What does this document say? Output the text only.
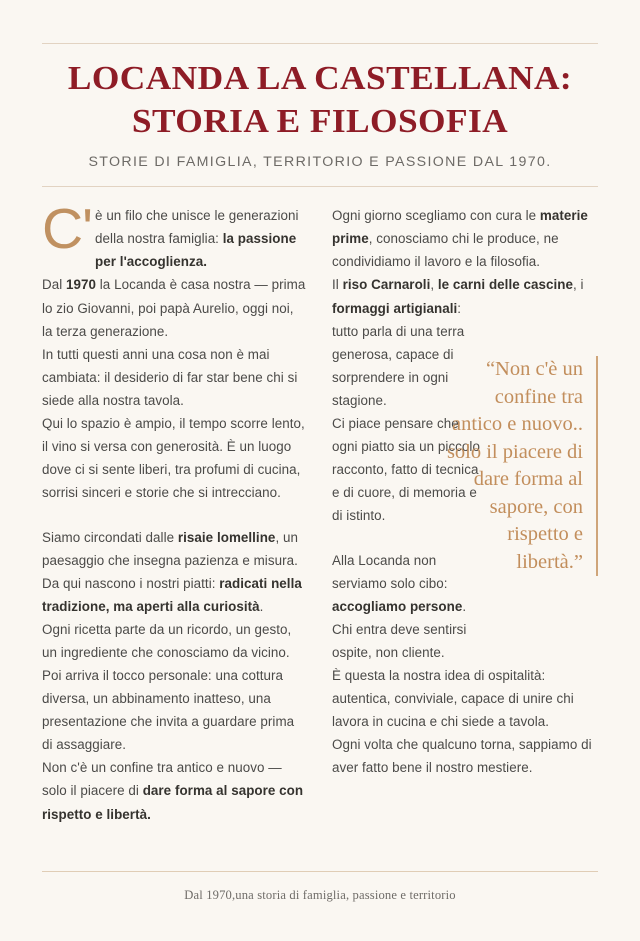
LOCANDA LA CASTELLANA:
STORIA E FILOSOFIA
STORIE DI FAMIGLIA, TERRITORIO E PASSIONE DAL 1970.

C' è un filo che unisce le generazioni della nostra famiglia: la passione per l'accoglienza.

Dal 1970 la Locanda è casa nostra — prima lo zio Giovanni, poi papà Aurelio, oggi noi, la terza generazione.

In tutti questi anni una cosa non è mai cambiata: il desiderio di far star bene chi si siede alla nostra tavola.

Qui lo spazio è ampio, il tempo scorre lento, il vino si versa con generosità. È un luogo dove ci si sente liberi, tra profumi di cucina, sorrisi sinceri e storie che si intrecciano.

Siamo circondati dalle risaie lomelline, un paesaggio che insegna pazienza e misura.

Da qui nascono i nostri piatti: radicati nella tradizione, ma aperti alla curiosità.

Ogni ricetta parte da un ricordo, un gesto, un ingrediente che conosciamo da vicino.

Poi arriva il tocco personale: una cottura diversa, un abbinamento inatteso, una presentazione che invita a guardare prima di assaggiare.

Non c'è un confine tra antico e nuovo — solo il piacere di dare forma al sapore con rispetto e libertà.

Ogni giorno scegliamo con cura le materie prime, conosciamo chi le produce, ne condividiamo il lavoro e la filosofia.

Il riso Carnaroli, le carni delle cascine, i formaggi artigianali:

tutto parla di una terra generosa, capace di sorprendere in ogni stagione.

Ci piace pensare che ogni piatto sia un piccolo racconto, fatto di tecnica e di cuore, di memoria e di istinto.

Alla Locanda non serviamo solo cibo: accogliamo persone.

Chi entra deve sentirsi ospite, non cliente.

È questa la nostra idea di ospitalità: autentica, conviviale, capace di unire chi lavora in cucina e chi siede a tavola.

Ogni volta che qualcuno torna, sappiamo di aver fatto bene il nostro mestiere.

“Non c'è un confine tra antico e nuovo.. solo il piacere di dare forma al sapore, con rispetto e libertà.”
Dal 1970,una storia di famiglia, passione e territorio
